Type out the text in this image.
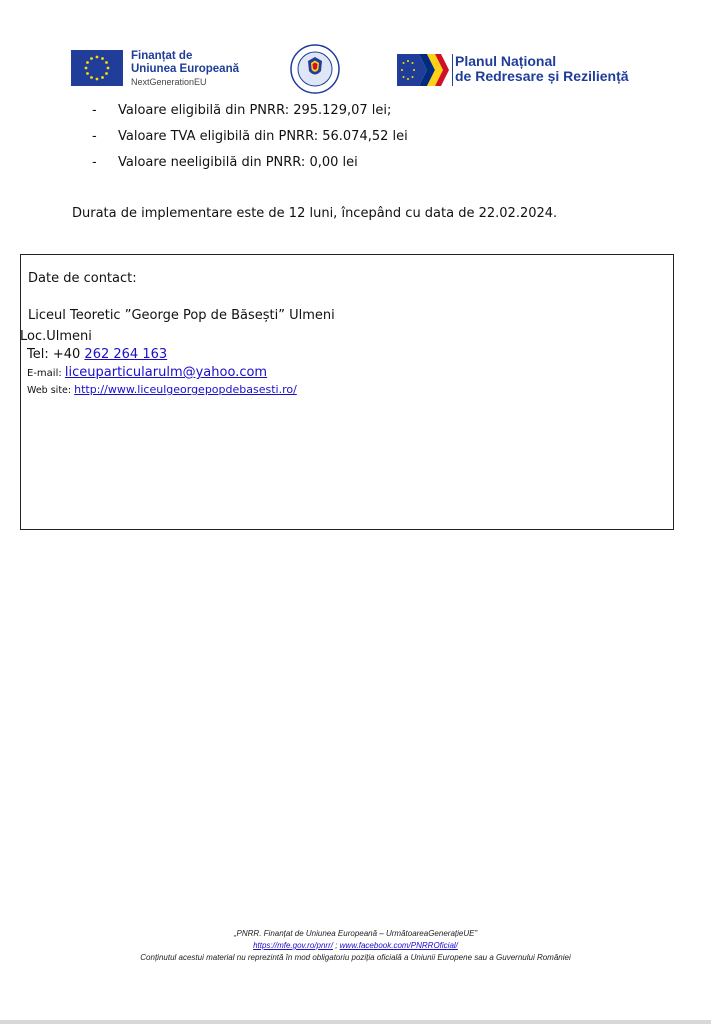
Finanțat de
Uniunea Europeană
NextGenerationEU
Planul Național
de Redresare și Reziliență
-	Valoare eligibilă din PNRR: 295.129,07 lei;
-	Valoare TVA eligibilă din PNRR: 56.074,52 lei
-	Valoare neeligibilă din PNRR: 0,00 lei
Durata de implementare este de 12 luni, începând cu data de 22.02.2024.
Date de contact:
Liceul Teoretic ”George Pop de Băsești” Ulmeni
Loc.Ulmeni
Tel: +40 262 264 163
E-mail: liceuparticularulm@yahoo.com
Web site: http://www.liceulgeorgepopdebasesti.ro/
„PNRR. Finanțat de Uniunea Europeană – UrmătoareaGenerațieUE”
https://mfe.gov.ro/pnrr/ ; www.facebook.com/PNRROficial/
Conținutul acestui material nu reprezintă în mod obligatoriu poziția oficială a Uniunii Europene sau a Guvernului României
